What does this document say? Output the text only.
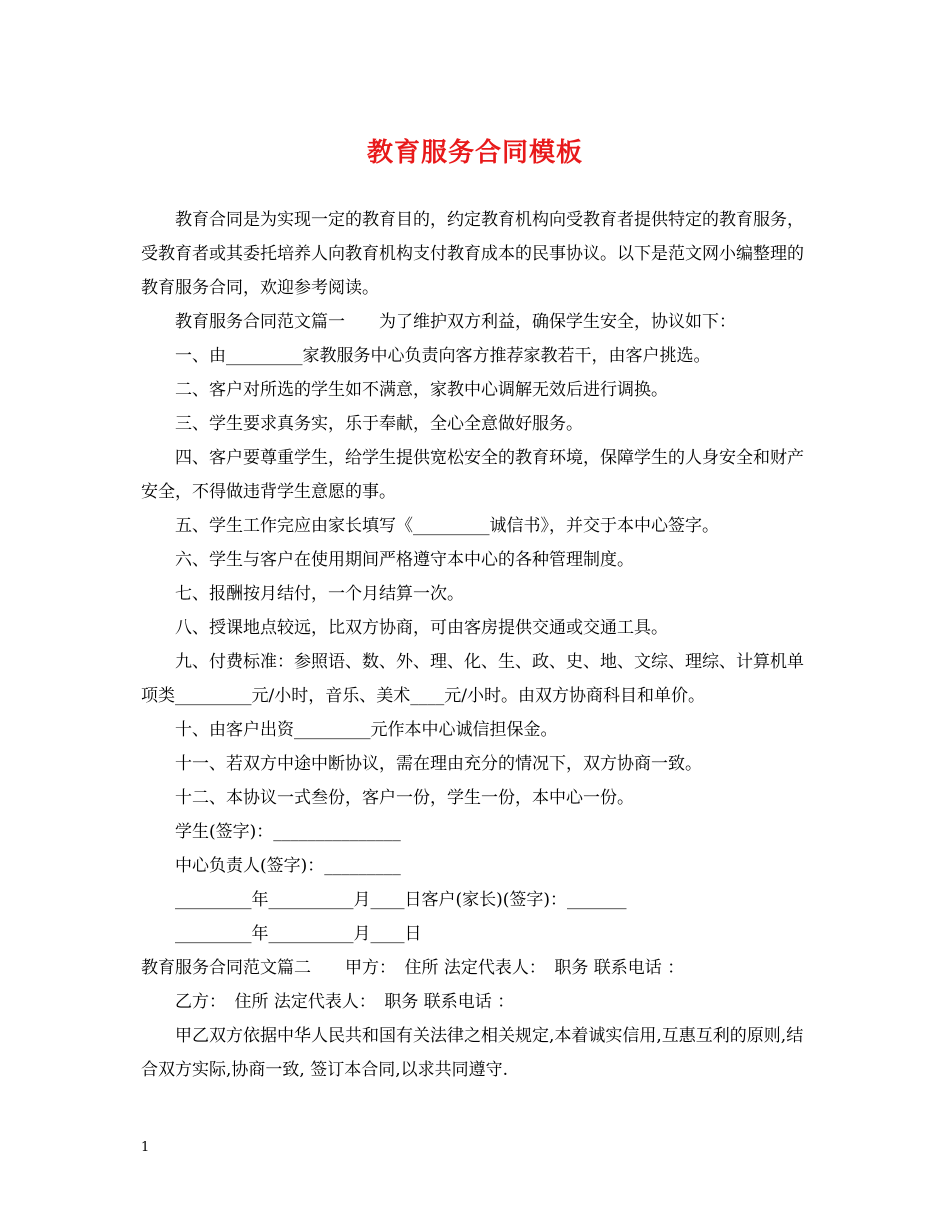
教育服务合同模板

教育合同是为实现一定的教育目的，约定教育机构向受教育者提供特定的教育服务，受教育者或其委托培养人向教育机构支付教育成本的民事协议。以下是范文网小编整理的教育服务合同，欢迎参考阅读。

教育服务合同范文篇一　　为了维护双方利益，确保学生安全，协议如下：

一、由_________家教服务中心负责向客方推荐家教若干，由客户挑选。

二、客户对所选的学生如不满意，家教中心调解无效后进行调换。

三、学生要求真务实，乐于奉献，全心全意做好服务。

四、客户要尊重学生，给学生提供宽松安全的教育环境，保障学生的人身安全和财产安全，不得做违背学生意愿的事。

五、学生工作完应由家长填写《_________诚信书》，并交于本中心签字。

六、学生与客户在使用期间严格遵守本中心的各种管理制度。

七、报酬按月结付，一个月结算一次。

八、授课地点较远，比双方协商，可由客房提供交通或交通工具。

九、付费标准：参照语、数、外、理、化、生、政、史、地、文综、理综、计算机单项类_________元/小时，音乐、美术____元/小时。由双方协商科目和单价。

十、由客户出资_________元作本中心诚信担保金。

十一、若双方中途中断协议，需在理由充分的情况下，双方协商一致。

十二、本协议一式叁份，客户一份，学生一份，本中心一份。

学生(签字)：_______________

中心负责人(签字)：_________

_________年__________月____日客户(家长)(签字)：_______

_________年__________月____日

教育服务合同范文篇二　　甲方：　住所 法定代表人：　职务 联系电话 ：

乙方：　住所 法定代表人：　职务 联系电话 ：

甲乙双方依据中华人民共和国有关法律之相关规定,本着诚实信用,互惠互利的原则,结合双方实际,协商一致, 签订本合同,以求共同遵守.

1
